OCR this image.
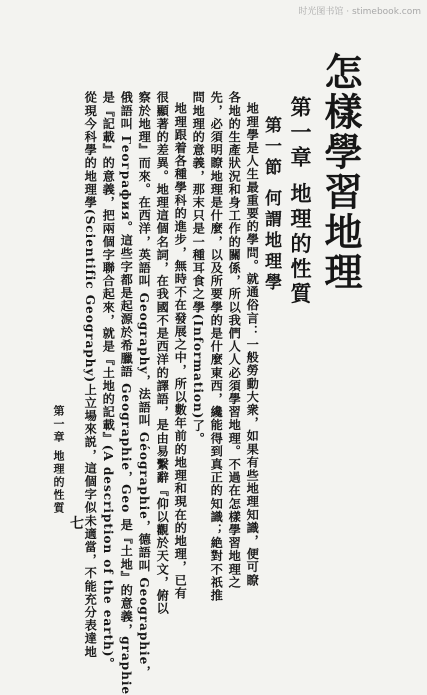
时光图书馆 · stimebook.com
怎樣學習地理
第一章 地理的性質
第一節 何謂地理學
地理學是人生最重要的學問。就通俗言：一般勞動大衆，如果有些地理知識，便可瞭
各地的生產狀況和身工作的關係，所以我們人人必須學習地理。不過在怎樣學習地理之
先，必須明瞭地理是什麼，以及所要學的是什麼東西，纔能得到真正的知識；絶對不祇推
問地理的意義，那末只是一種耳食之學(Information)了。
地理跟着各種學科的進步，無時不在發展之中，所以數年前的地理和現在的地理，已有
很顯著的差異。地理這個名詞，在我國不是西洋的譯語，是由易繫辭『仰以觀於天文，俯以
察於地理』而來。在西洋，英語叫 Geography，法語叫 Géographie，德語叫 Geographie，
俄語叫 География。這些字都是起源於希臘語 Geographie，Geo 是『土地』的意義，graphie
是『記載』的意義，把兩個字聯合起來，就是『土地的記載』(A description of the earth)。
從現今科學的地理學(Scientific Geography)上立場來説，這個字似未適當，不能充分表達地
第一章 地理的性質
七
